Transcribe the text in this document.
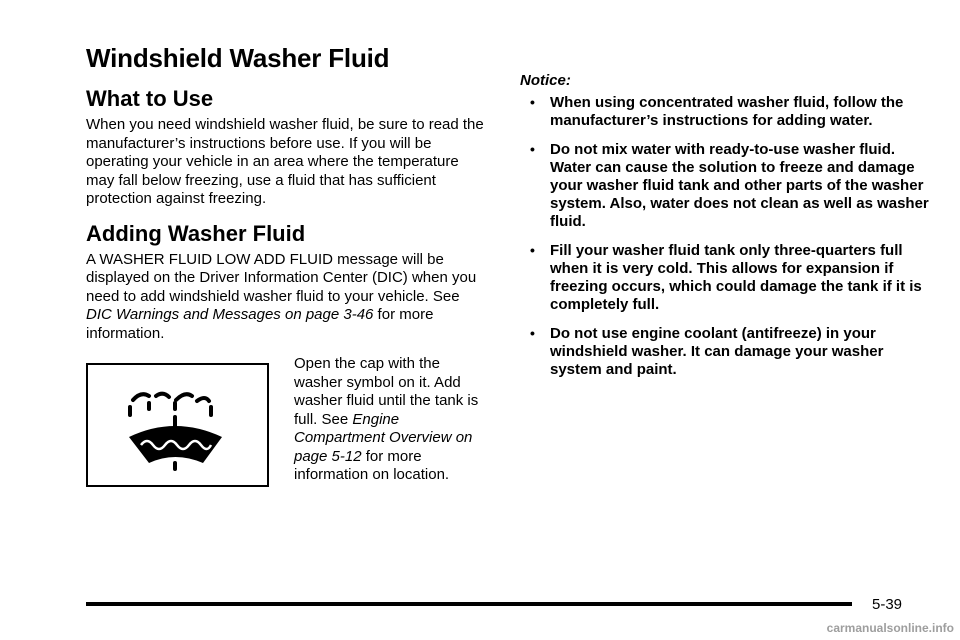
Windshield Washer Fluid
What to Use

When you need windshield washer fluid, be sure to read the manufacturer’s instructions before use. If you will be operating your vehicle in an area where the temperature may fall below freezing, use a fluid that has sufficient protection against freezing.

Adding Washer Fluid

A WASHER FLUID LOW ADD FLUID message will be displayed on the Driver Information Center (DIC) when you need to add windshield washer fluid to your vehicle. See DIC Warnings and Messages on page 3-46 for more information.

Open the cap with the washer symbol on it. Add washer fluid until the tank is full. See Engine Compartment Overview on page 5-12 for more information on location.
Notice:
• When using concentrated washer fluid, follow the manufacturer’s instructions for adding water.
• Do not mix water with ready-to-use washer fluid. Water can cause the solution to freeze and damage your washer fluid tank and other parts of the washer system. Also, water does not clean as well as washer fluid.
• Fill your washer fluid tank only three-quarters full when it is very cold. This allows for expansion if freezing occurs, which could damage the tank if it is completely full.
• Do not use engine coolant (antifreeze) in your windshield washer. It can damage your washer system and paint.
5-39
carmanualsonline.info
